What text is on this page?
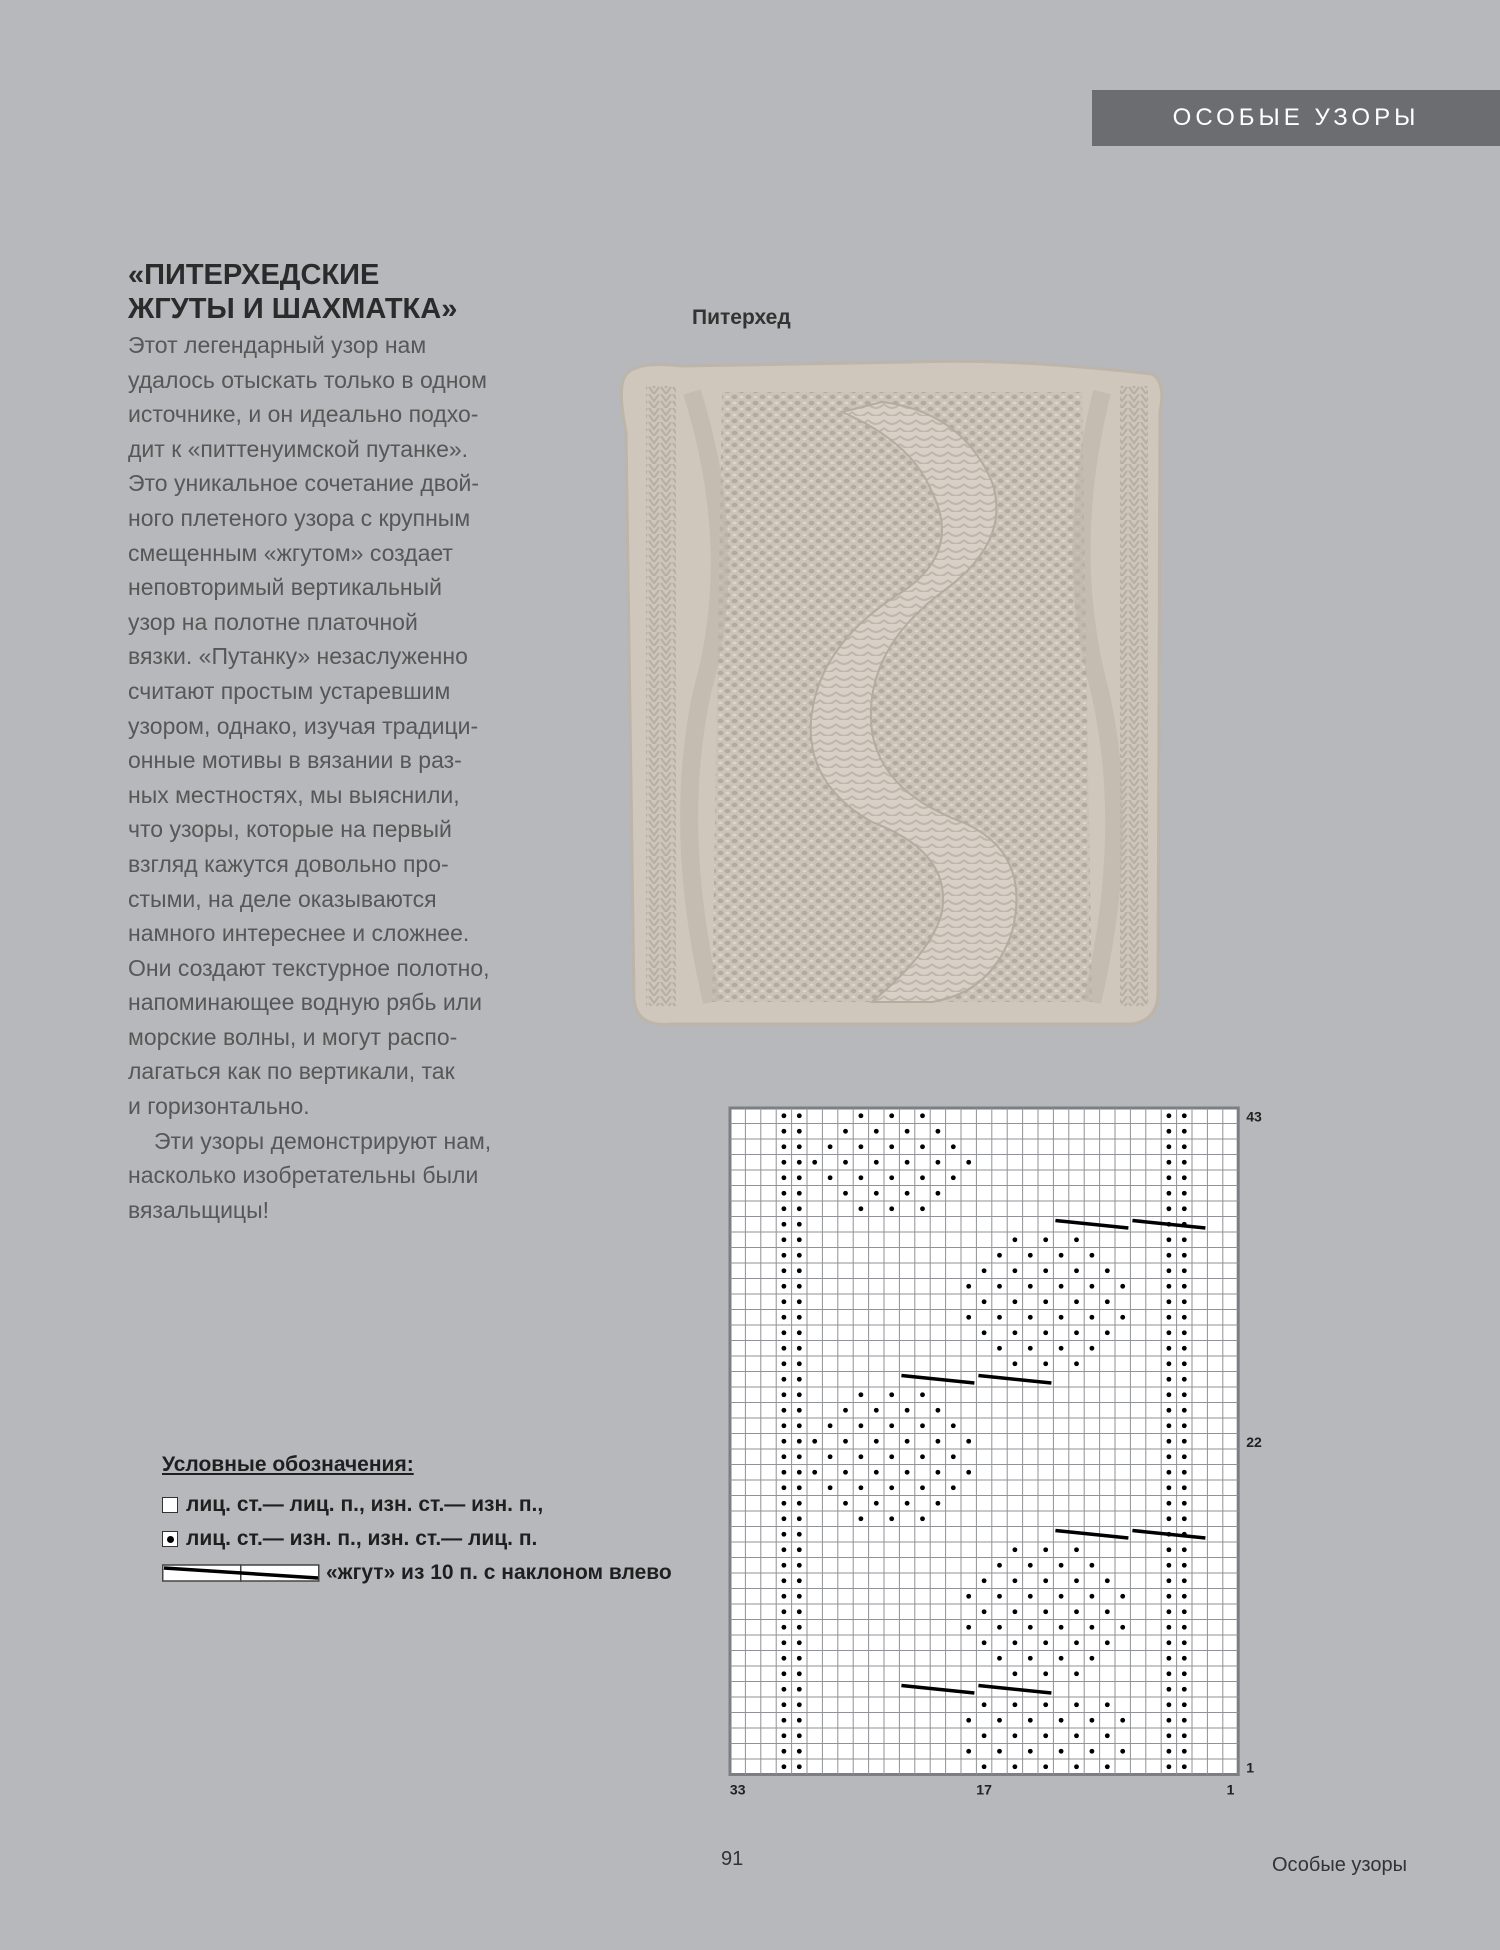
ОСОБЫЕ УЗОРЫ
«ПИТЕРХЕДСКИЕ
ЖГУТЫ И ШАХМАТКА»

Этот легендарный узор нам

удалось отыскать только в одном

источнике, и он идеально подхо-

дит к «питтенуимской путанке».

Это уникальное сочетание двой-

ного плетеного узора с крупным

смещенным «жгутом» создает

неповторимый вертикальный

узор на полотне платочной

вязки. «Путанку» незаслуженно

считают простым устаревшим

узором, однако, изучая традици-

онные мотивы в вязании в раз-

ных местностях, мы выяснили,

что узоры, которые на первый

взгляд кажутся довольно про-

стыми, на деле оказываются

намного интереснее и сложнее.

Они создают текстурное полотно,

напоминающее водную рябь или

морские волны, и могут распо-

лагаться как по вертикали, так

и горизонтально.

Эти узоры демонстрируют нам,

насколько изобретательны были

вязальщицы!

Питерхед
Условные обозначения:
лиц. ст.— лиц. п., изн. ст.— изн. п.,
лиц. ст.— изн. п., изн. ст.— лиц. п.
«жгут» из 10 п. с наклоном влево
43
22
1
33	17	1
91	Особые узоры
